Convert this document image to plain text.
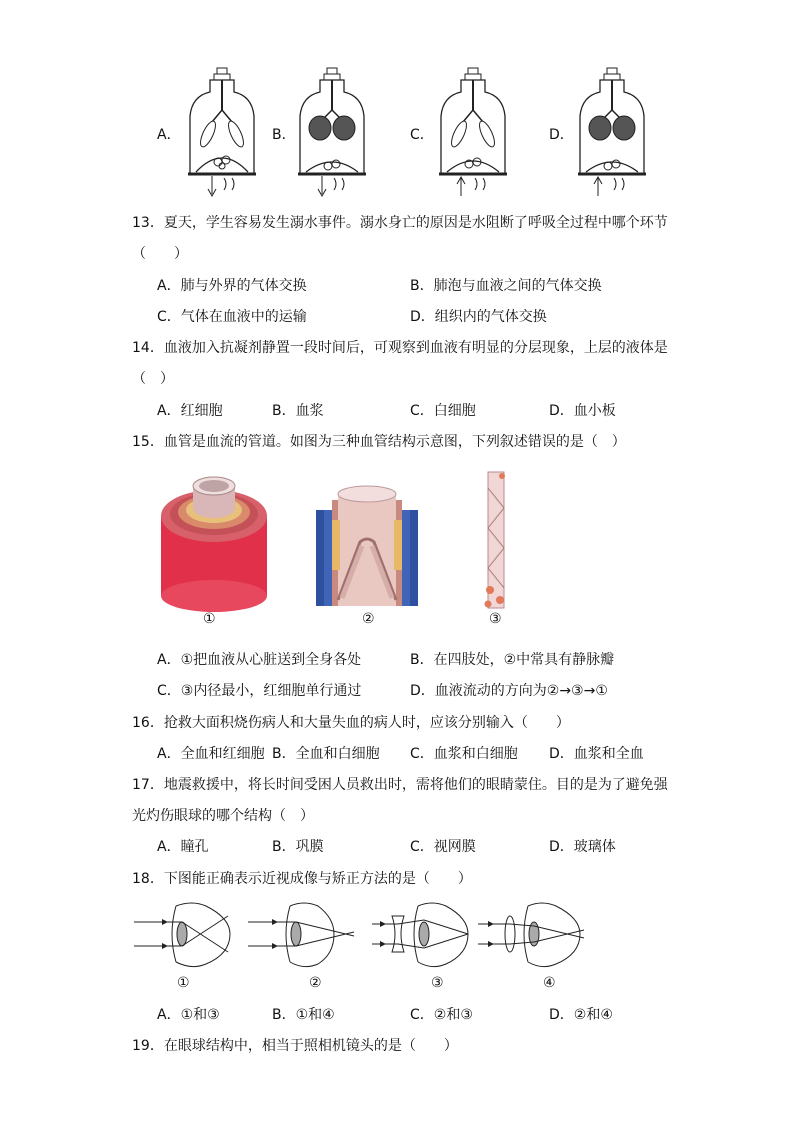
A．	B．	C．	D．
13．夏天，学生容易发生溺水事件。溺水身亡的原因是水阻断了呼吸全过程中哪个环节
（　　）
A．肺与外界的气体交换	B．肺泡与血液之间的气体交换
C．气体在血液中的运输	D．组织内的气体交换
14．血液加入抗凝剂静置一段时间后，可观察到血液有明显的分层现象，上层的液体是
（　）
A．红细胞	B．血浆	C．白细胞	D．血小板
15．血管是血流的管道。如图为三种血管结构示意图，下列叙述错误的是（　）
①	②	③
A．①把血液从心脏送到全身各处	B．在四肢处，②中常具有静脉瓣
C．③内径最小，红细胞单行通过	D．血液流动的方向为②→③→①
16．抢救大面积烧伤病人和大量失血的病人时，应该分别输入（　　）
A．全血和红细胞 B．全血和白细胞 C．血浆和白细胞 D．血浆和全血
17．地震救援中，将长时间受困人员救出时，需将他们的眼睛蒙住。目的是为了避免强
光灼伤眼球的哪个结构（　）
A．瞳孔	B．巩膜	C．视网膜	D．玻璃体
18．下图能正确表示近视成像与矫正方法的是（　　）
①	②	③	④
A．①和③	B．①和④	C．②和③	D．②和④
19．在眼球结构中，相当于照相机镜头的是（　　）
